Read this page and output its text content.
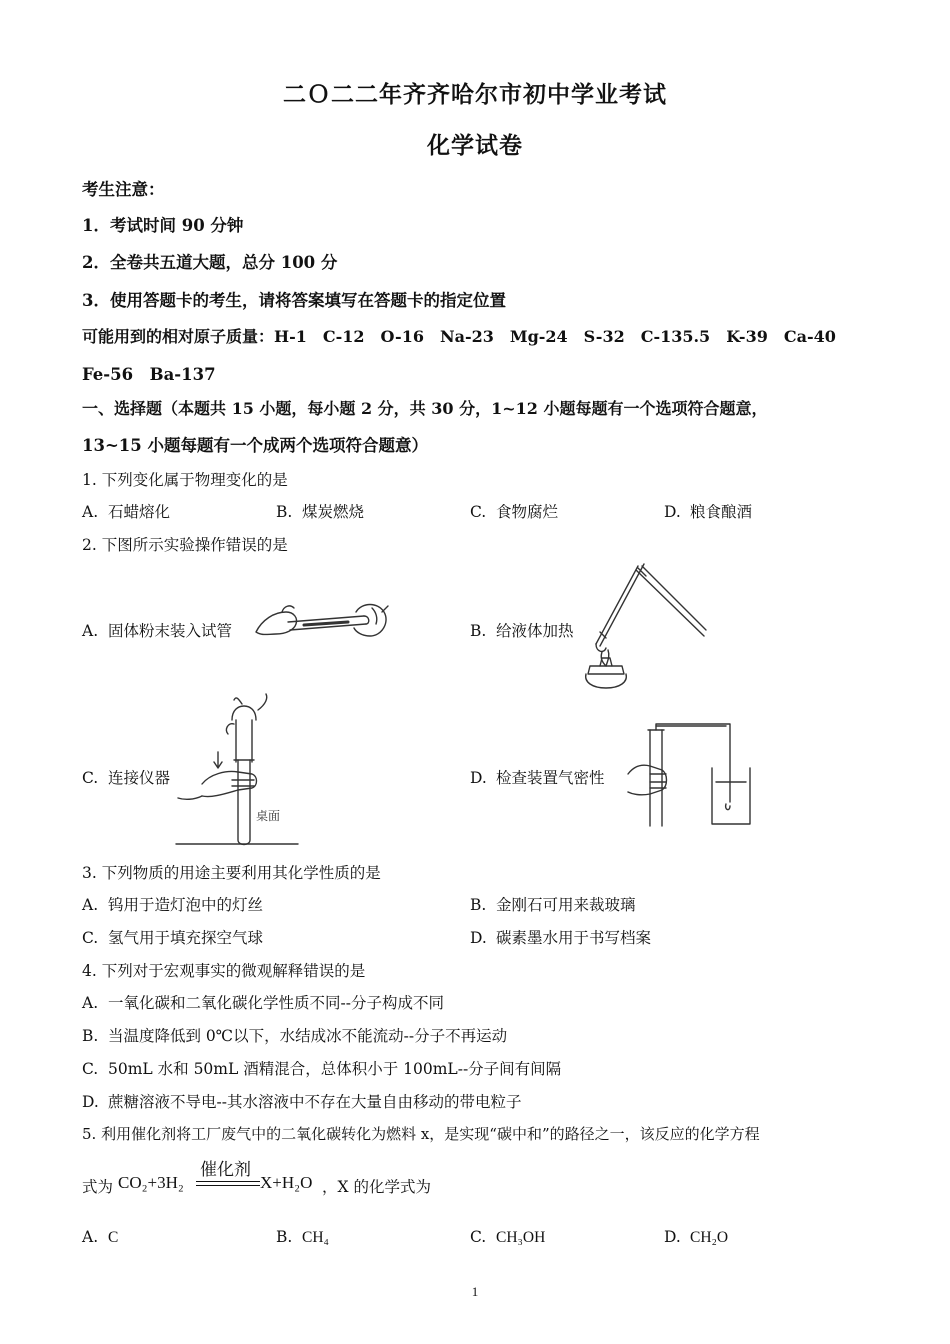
二Ｏ二二年齐齐哈尔市初中学业考试
化学试卷
考生注意：
1．考试时间 90 分钟
2．全卷共五道大题，总分 100 分
3．使用答题卡的考生，请将答案填写在答题卡的指定位置
可能用到的相对原子质量：H-1　C-12　O-16　Na-23　Mg-24　S-32　C-135.5　K-39　Ca-40
Fe-56　Ba-137
一、选择题（本题共 15 小题，每小题 2 分，共 30 分，1~12 小题每题有一个选项符合题意，
13~15 小题每题有一个成两个选项符合题意）
1. 下列变化属于物理变化的是
A. 石蜡熔化	B. 煤炭燃烧	C. 食物腐烂	D. 粮食酿酒
2. 下图所示实验操作错误的是
A. 固体粉末装入试管	B. 给液体加热
C. 连接仪器	D. 检查装置气密性
桌面
3. 下列物质的用途主要利用其化学性质的是
A. 钨用于造灯泡中的灯丝	B. 金刚石可用来裁玻璃
C. 氢气用于填充探空气球	D. 碳素墨水用于书写档案
4. 下列对于宏观事实的微观解释错误的是
A. 一氧化碳和二氧化碳化学性质不同--分子构成不同
B. 当温度降低到 0℃以下，水结成冰不能流动--分子不再运动
C. 50mL 水和 50mL 酒精混合，总体积小于 100mL--分子间有间隔
D. 蔗糖溶液不导电--其水溶液中不存在大量自由移动的带电粒子
5. 利用催化剂将工厂废气中的二氧化碳转化为燃料 x，是实现“碳中和”的路径之一，该反应的化学方程
式为 CO₂+3H₂
催化剂
X+H₂O ，X 的化学式为
A. C	B. CH₄	C. CH₃OH	D. CH₂O
1
